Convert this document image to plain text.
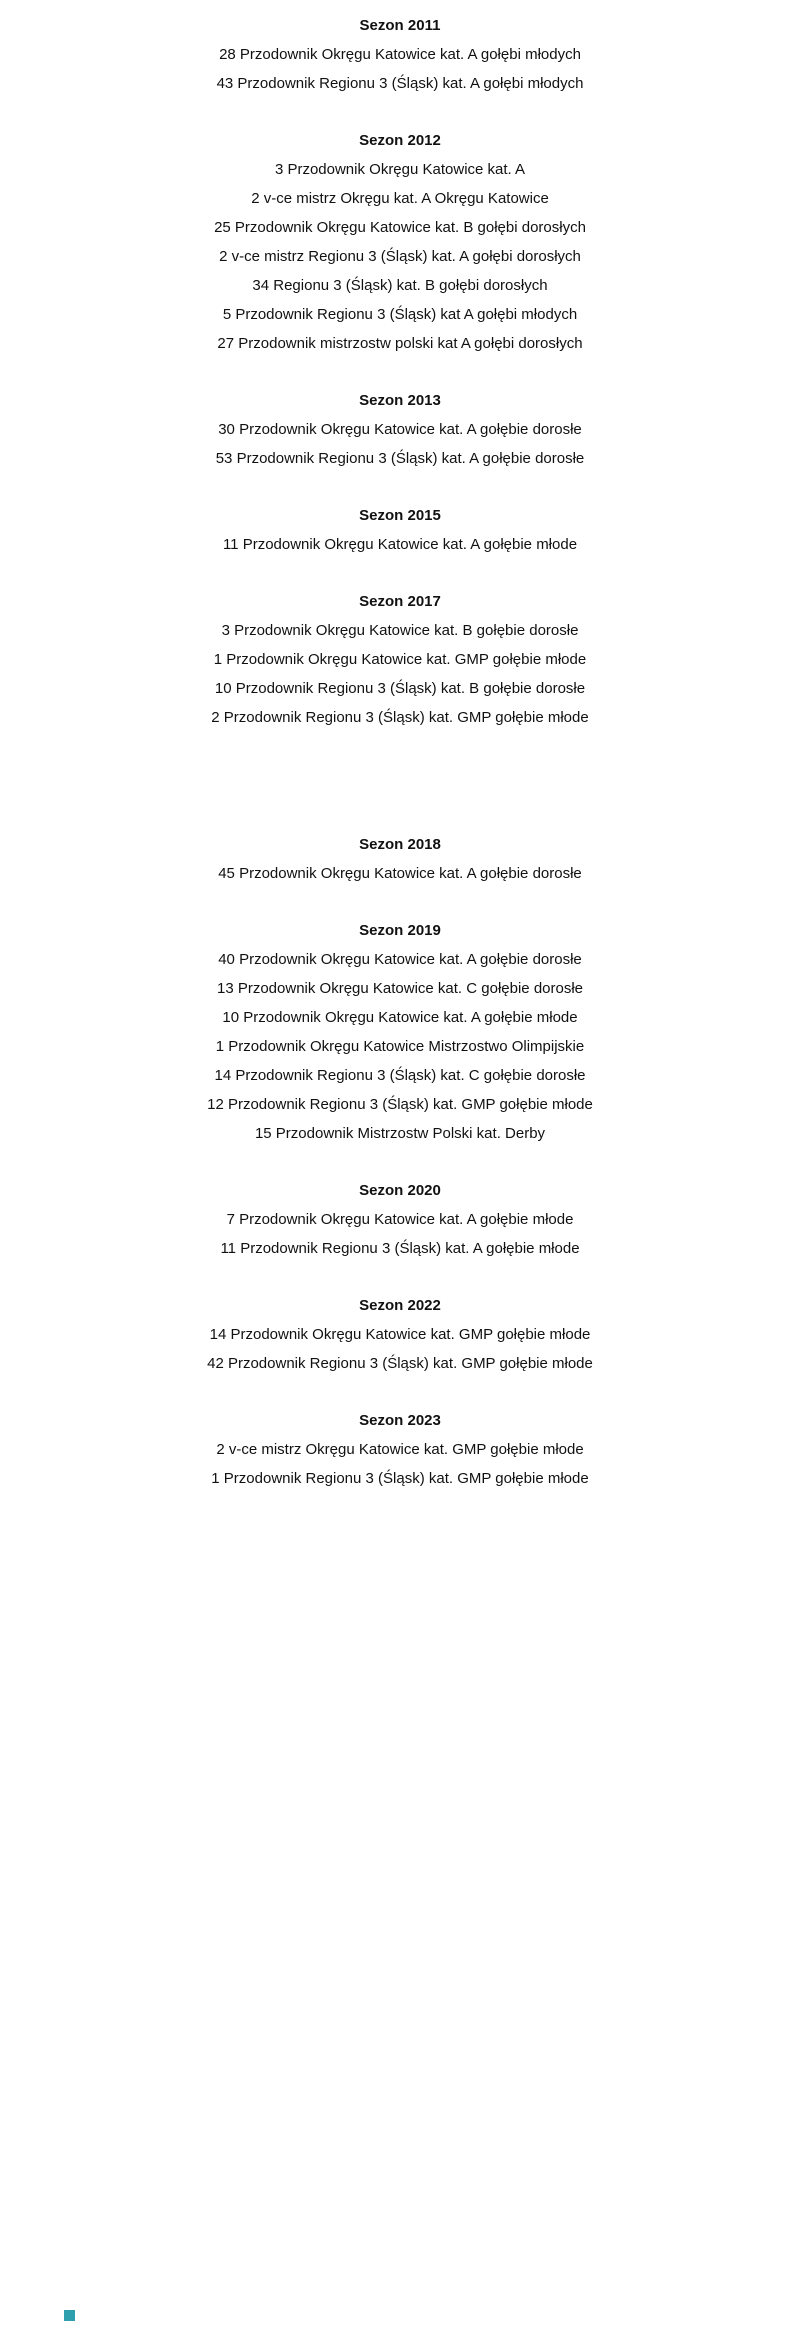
Sezon 2011

28 Przodownik Okręgu Katowice kat. A gołębi młodych

43 Przodownik Regionu 3 (Śląsk) kat. A gołębi młodych

Sezon 2012

3 Przodownik Okręgu Katowice kat. A

2 v-ce mistrz Okręgu kat. A Okręgu Katowice

25 Przodownik Okręgu Katowice kat. B gołębi dorosłych

2 v-ce mistrz Regionu 3 (Śląsk) kat. A gołębi dorosłych

34 Regionu 3 (Śląsk) kat. B gołębi dorosłych

5 Przodownik Regionu 3 (Śląsk) kat A gołębi młodych

27 Przodownik mistrzostw polski kat A gołębi dorosłych

Sezon 2013

30 Przodownik Okręgu Katowice kat. A gołębie dorosłe

53 Przodownik Regionu 3 (Śląsk) kat. A gołębie dorosłe

Sezon 2015

11 Przodownik Okręgu Katowice kat. A gołębie młode

Sezon 2017

3 Przodownik Okręgu Katowice kat. B gołębie dorosłe

1 Przodownik Okręgu Katowice kat. GMP gołębie młode

10 Przodownik Regionu 3 (Śląsk) kat. B gołębie dorosłe

2 Przodownik Regionu 3 (Śląsk) kat. GMP gołębie młode

Sezon 2018

45 Przodownik Okręgu Katowice kat. A gołębie dorosłe

Sezon 2019

40 Przodownik Okręgu Katowice kat. A gołębie dorosłe

13 Przodownik Okręgu Katowice kat. C gołębie dorosłe

10 Przodownik Okręgu Katowice kat. A gołębie młode

1 Przodownik Okręgu Katowice Mistrzostwo Olimpijskie

14 Przodownik Regionu 3 (Śląsk) kat. C gołębie dorosłe

12 Przodownik Regionu 3 (Śląsk) kat. GMP gołębie młode

15 Przodownik Mistrzostw Polski kat. Derby

Sezon 2020

7 Przodownik Okręgu Katowice kat. A gołębie młode

11 Przodownik Regionu 3 (Śląsk) kat. A gołębie młode

Sezon 2022

14 Przodownik Okręgu Katowice kat. GMP gołębie młode

42 Przodownik Regionu 3 (Śląsk) kat. GMP gołębie młode

Sezon 2023

2 v-ce mistrz Okręgu Katowice kat. GMP gołębie młode

1 Przodownik Regionu 3 (Śląsk) kat. GMP gołębie młode
